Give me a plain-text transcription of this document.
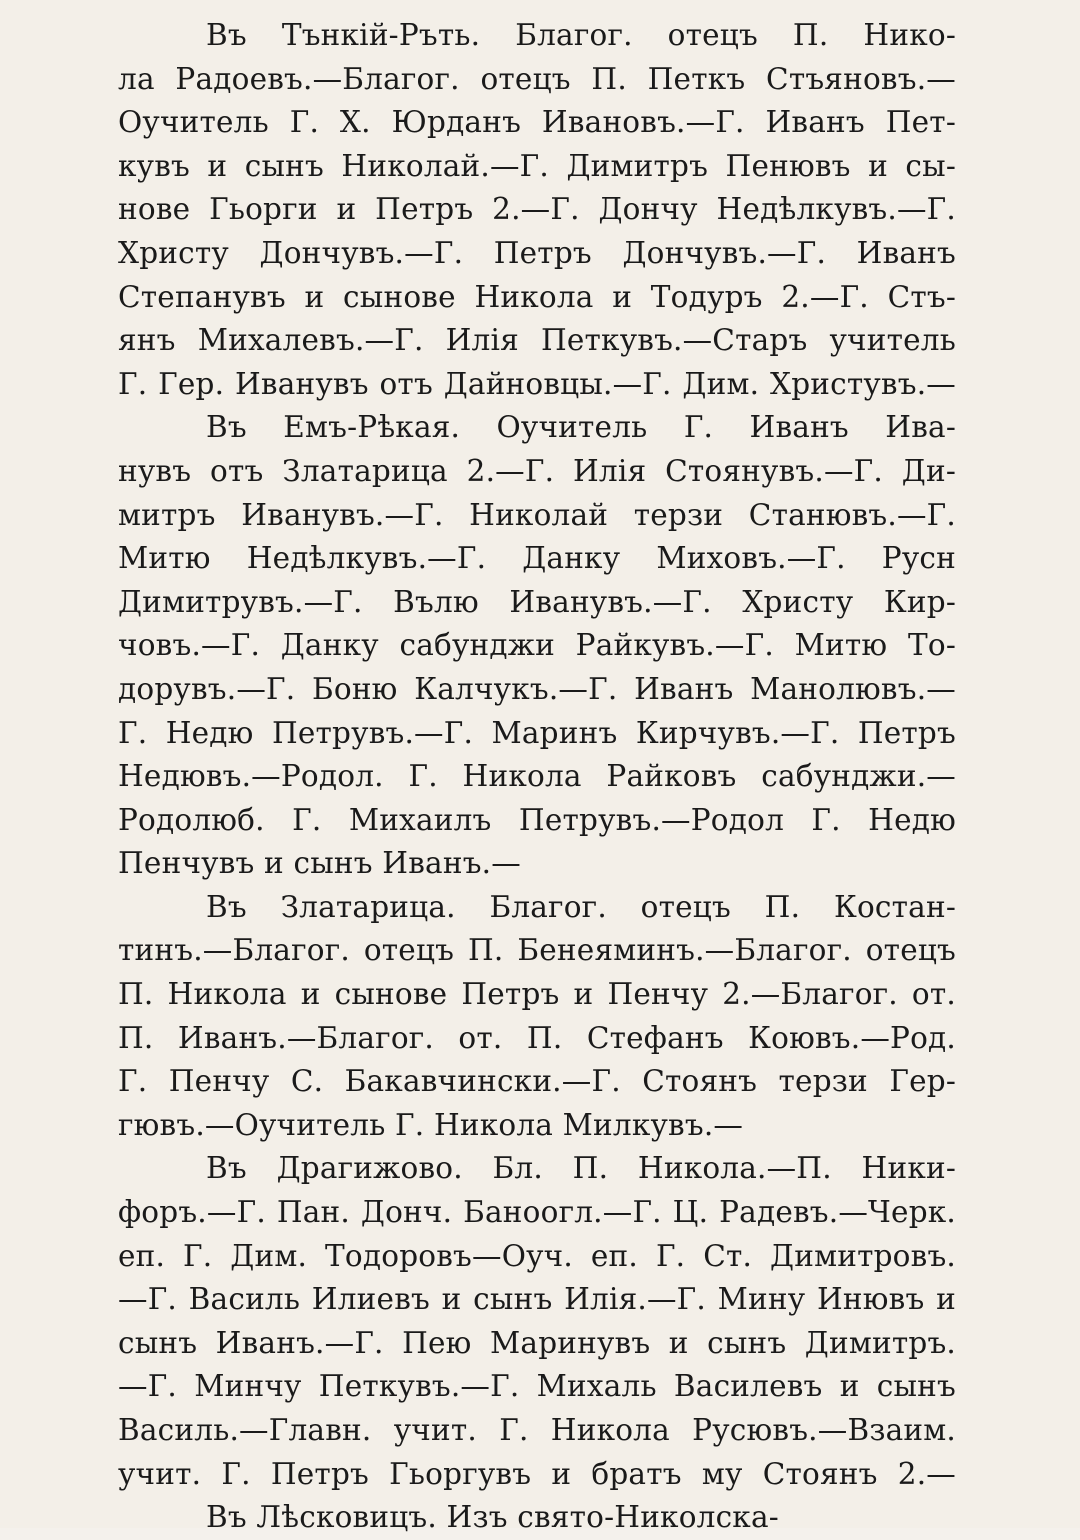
Въ Тънкiй-Ръть. Благог. отецъ П. Нико-
ла Радоевъ.—Благог. отецъ П. Петкъ Стъяновъ.—
Оучитель Г. Х. Юрданъ Ивановъ.—Г. Иванъ Пет-
кувъ и сынъ Николай.—Г. Димитръ Пенювъ и сы-
нове Гьорги и Петръ 2.—Г. Дончу Недѣлкувъ.—Г.
Христу Дончувъ.—Г. Петръ Дончувъ.—Г. Иванъ
Степанувъ и сынове Никола и Тодуръ 2.—Г. Стъ-
янъ Михалевъ.—Г. Илія Петкувъ.—Старъ учитель
Г. Гер. Иванувъ отъ Дайновцы.—Г. Дим. Христувъ.—
Въ Емъ-Рѣкая. Оучитель Г. Иванъ Ива-
нувъ отъ Златарица 2.—Г. Илія Стоянувъ.—Г. Ди-
митръ Иванувъ.—Г. Николай терзи Станювъ.—Г.
Митю Недѣлкувъ.—Г. Данку Миховъ.—Г. Русн
Димитрувъ.—Г. Вълю Иванувъ.—Г. Христу Кир-
човъ.—Г. Данку сабунджи Райкувъ.—Г. Митю То-
дорувъ.—Г. Боню Калчукъ.—Г. Иванъ Манолювъ.—
Г. Недю Петрувъ.—Г. Маринъ Кирчувъ.—Г. Петръ
Недювъ.—Родол. Г. Никола Райковъ сабунджи.—
Родолюб. Г. Михаилъ Петрувъ.—Родол Г. Недю
Пенчувъ и сынъ Иванъ.—
Въ Златарица. Благог. отецъ П. Костан-
тинъ.—Благог. отецъ П. Бенеяминъ.—Благог. отецъ
П. Никола и сынове Петръ и Пенчу 2.—Благог. от.
П. Иванъ.—Благог. от. П. Стефанъ Коювъ.—Род.
Г. Пенчу С. Бакавчински.—Г. Стоянъ терзи Гер-
гювъ.—Оучитель Г. Никола Милкувъ.—
Въ Драгижово. Бл. П. Никола.—П. Ники-
форъ.—Г. Пан. Донч. Баноогл.—Г. Ц. Радевъ.—Черк.
еп. Г. Дим. Тодоровъ—Оуч. еп. Г. Ст. Димитровъ.
—Г. Василь Илиевъ и сынъ Илія.—Г. Мину Инювъ и
сынъ Иванъ.—Г. Пею Маринувъ и сынъ Димитръ.
—Г. Минчу Петкувъ.—Г. Михаль Василевъ и сынъ
Василь.—Главн. учит. Г. Никола Русювъ.—Взаим.
учит. Г. Петръ Гьоргувъ и братъ му Стоянъ 2.—
Въ Лѣсковицъ. Изъ свято-Николска-
